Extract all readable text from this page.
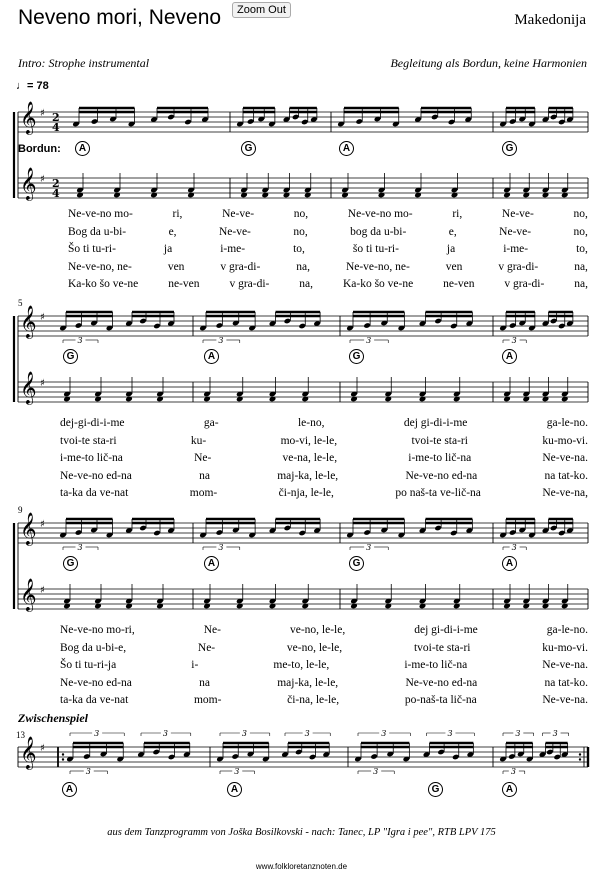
Neveno mori, Neveno	Zoom Out
Makedonija
Intro: Strophe instrumental	Begleitung als Bordun, keine Harmonien
♩= 78
Bordun:
𝄞 ♯ 2
4
𝄞 ♯ 2
4
𝄞 ♯
𝄞 ♯
3	3	3	3
𝄞 ♯
𝄞 ♯
3	3	3	3
𝄞 ♯
3
3	3
3
3	3
3
3	3
3
3	3
5
9
13
A	G	A	G
G	A	G	A
G	A	G	A
A	A	G	A
Zwischenspiel
Ne-ve-no mo-	ri,	Ne-ve-	no,	Ne-ve-no mo-	ri,	Ne-ve-	no,
Bog da u-bi-	e,	Ne-ve-	no,	bog da u-bi-	e,	Ne-ve-	no,
Šo ti tu-ri-	ja	i-me-	to,	šo ti tu-ri-	ja	i-me-	to,
Ne-ve-no, ne-	ven	v gra-di-	na,	Ne-ve-no, ne-	ven	v gra-di-	na,
Ka-ko šo ve-ne	ne-ven	v gra-di-	na,	Ka-ko šo ve-ne	ne-ven	v gra-di-	na,
dej-gi-di-i-me	ga-	le-no,	dej gi-di-i-me	ga-le-no.
tvoi-te sta-ri	ku-	mo-vi, le-le,	tvoi-te sta-ri	ku-mo-vi.
i-me-to lič-na	Ne-	ve-na, le-le,	i-me-to lič-na	Ne-ve-na.
Ne-ve-no ed-na	na	maj-ka, le-le,	Ne-ve-no ed-na	na tat-ko.
ta-ka da ve-nat	mom-	či-nja, le-le,	po naš-ta ve-lič-na	Ne-ve-na,
Ne-ve-no mo-ri,	Ne-	ve-no, le-le,	dej gi-di-i-me	ga-le-no.
Bog da u-bi-e,	Ne-	ve-no, le-le,	tvoi-te sta-ri	ku-mo-vi.
Šo ti tu-ri-ja	i-	me-to, le-le,	i-me-to lič-na	Ne-ve-na.
Ne-ve-no ed-na	na	maj-ka, le-le,	Ne-ve-no ed-na	na tat-ko.
ta-ka da ve-nat	mom-	či-na, le-le,	po-naš-ta lič-na	Ne-ve-na.
aus dem Tanzprogramm von Joška Bosilkovski - nach: Tanec, LP "Igra i pee", RTB LPV 175
www.folkloretanznoten.de
